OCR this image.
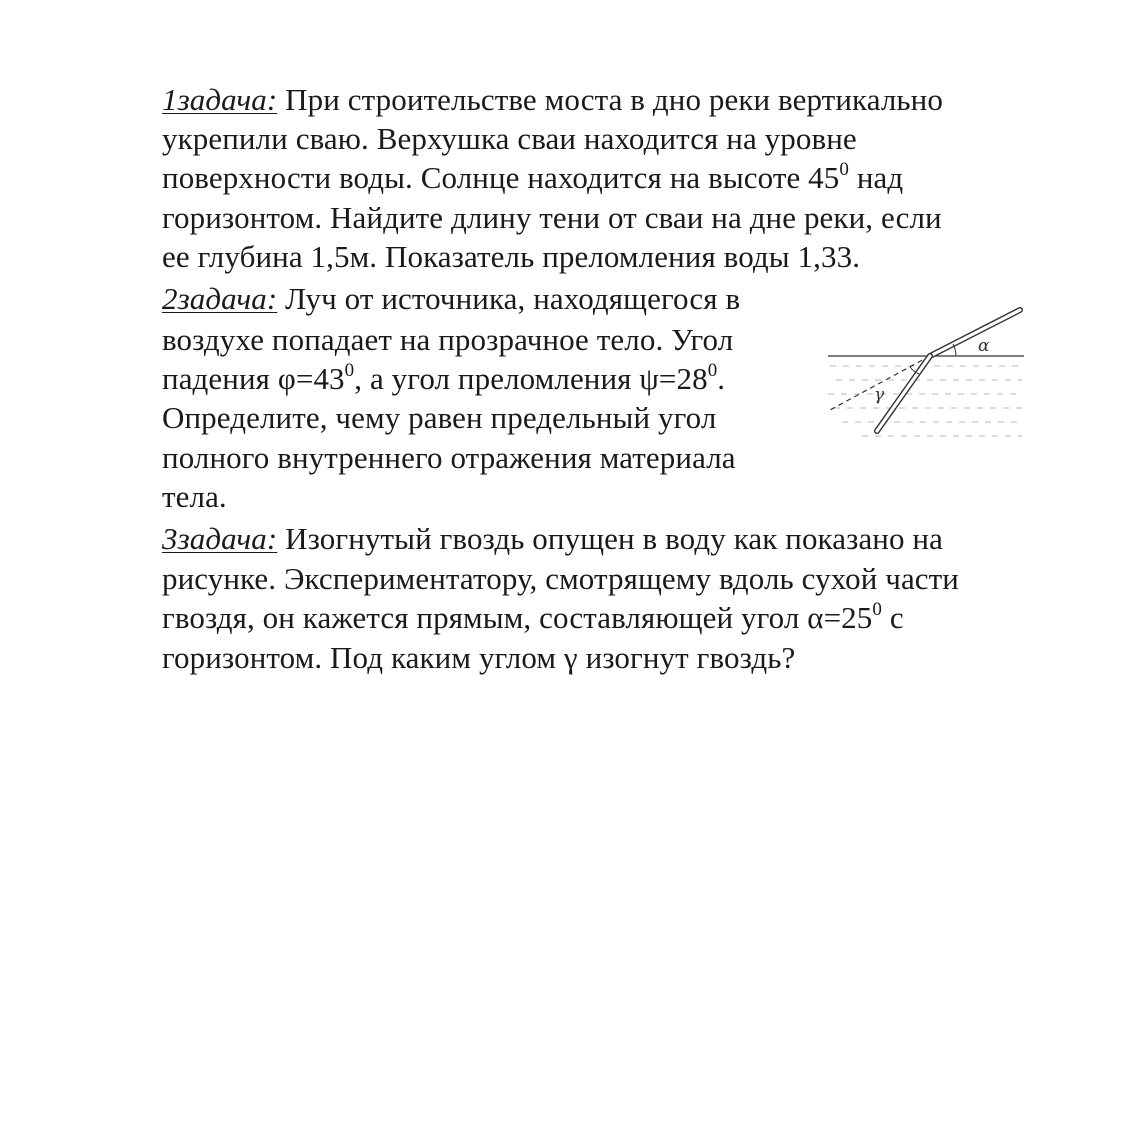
1задача: При строительстве моста в дно реки вертикально
укрепили сваю. Верхушка сваи находится на уровне
поверхности воды. Солнце находится на высоте $45^0$ над
горизонтом. Найдите длину тени от сваи на дне реки, если
ее глубина 1,5м. Показатель преломления воды 1,33.
2задача: Луч от источника, находящегося в
воздухе попадает на прозрачное тело. Угол
падения $\varphi=43^0$, а угол преломления $\psi=28^0$.
Определите, чему равен предельный угол
полного внутреннего отражения материала
тела.
3задача: Изогнутый гвоздь опущен в воду как показано на
рисунке. Экспериментатору, смотрящему вдоль сухой части
гвоздя, он кажется прямым, составляющей угол $\alpha=25^0$ с
горизонтом. Под каким углом γ изогнут гвоздь?
α
γ
